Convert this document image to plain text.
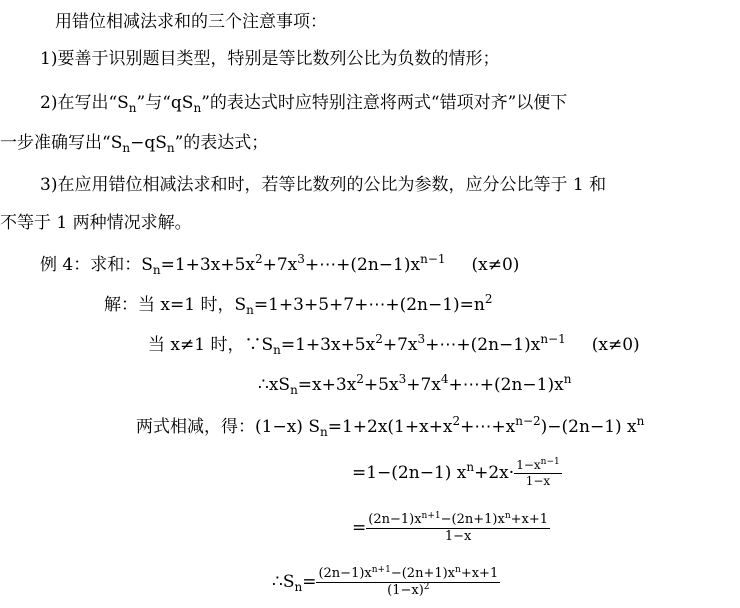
用错位相减法求和的三个注意事项：
1)要善于识别题目类型，特别是等比数列公比为负数的情形；
2)在写出“$S_n$”与“$qS_n$”的表达式时应特别注意将两式“错项对齐”以便下
一步准确写出“$S_n-qS_n$”的表达式；
3)在应用错位相减法求和时，若等比数列的公比为参数，应分公比等于 1 和
不等于 1 两种情况求解。
例 4：求和：$S_n=1+3x+5x^2+7x^3+\cdots+(2n-1)x^{n-1}$ (x≠0)
解：当 x=1 时，$S_n=1+3+5+7+\cdots+(2n-1)=n^2$
当 x≠1 时，$\because S_n=1+3x+5x^2+7x^3+\cdots+(2n-1)x^{n-1}$ (x≠0)
$\therefore xS_n=x+3x^2+5x^3+7x^4+\cdots+(2n-1)x^n$
两式相减，得：(1−x) $S_n=1+2x(1+x+x^2+\cdots+x^{n-2})-(2n-1)$ $x^n$
=1−(2n−1) $x^n+2x\cdot \frac{1-x^{n-1}}{1-x}$
= $\frac{(2n-1)x^{n+1}-(2n+1)x^n+x+1}{1-x}$
$\therefore S_n= \frac{(2n-1)x^{n+1}-(2n+1)x^n+x+1}{(1-x)^2}$
